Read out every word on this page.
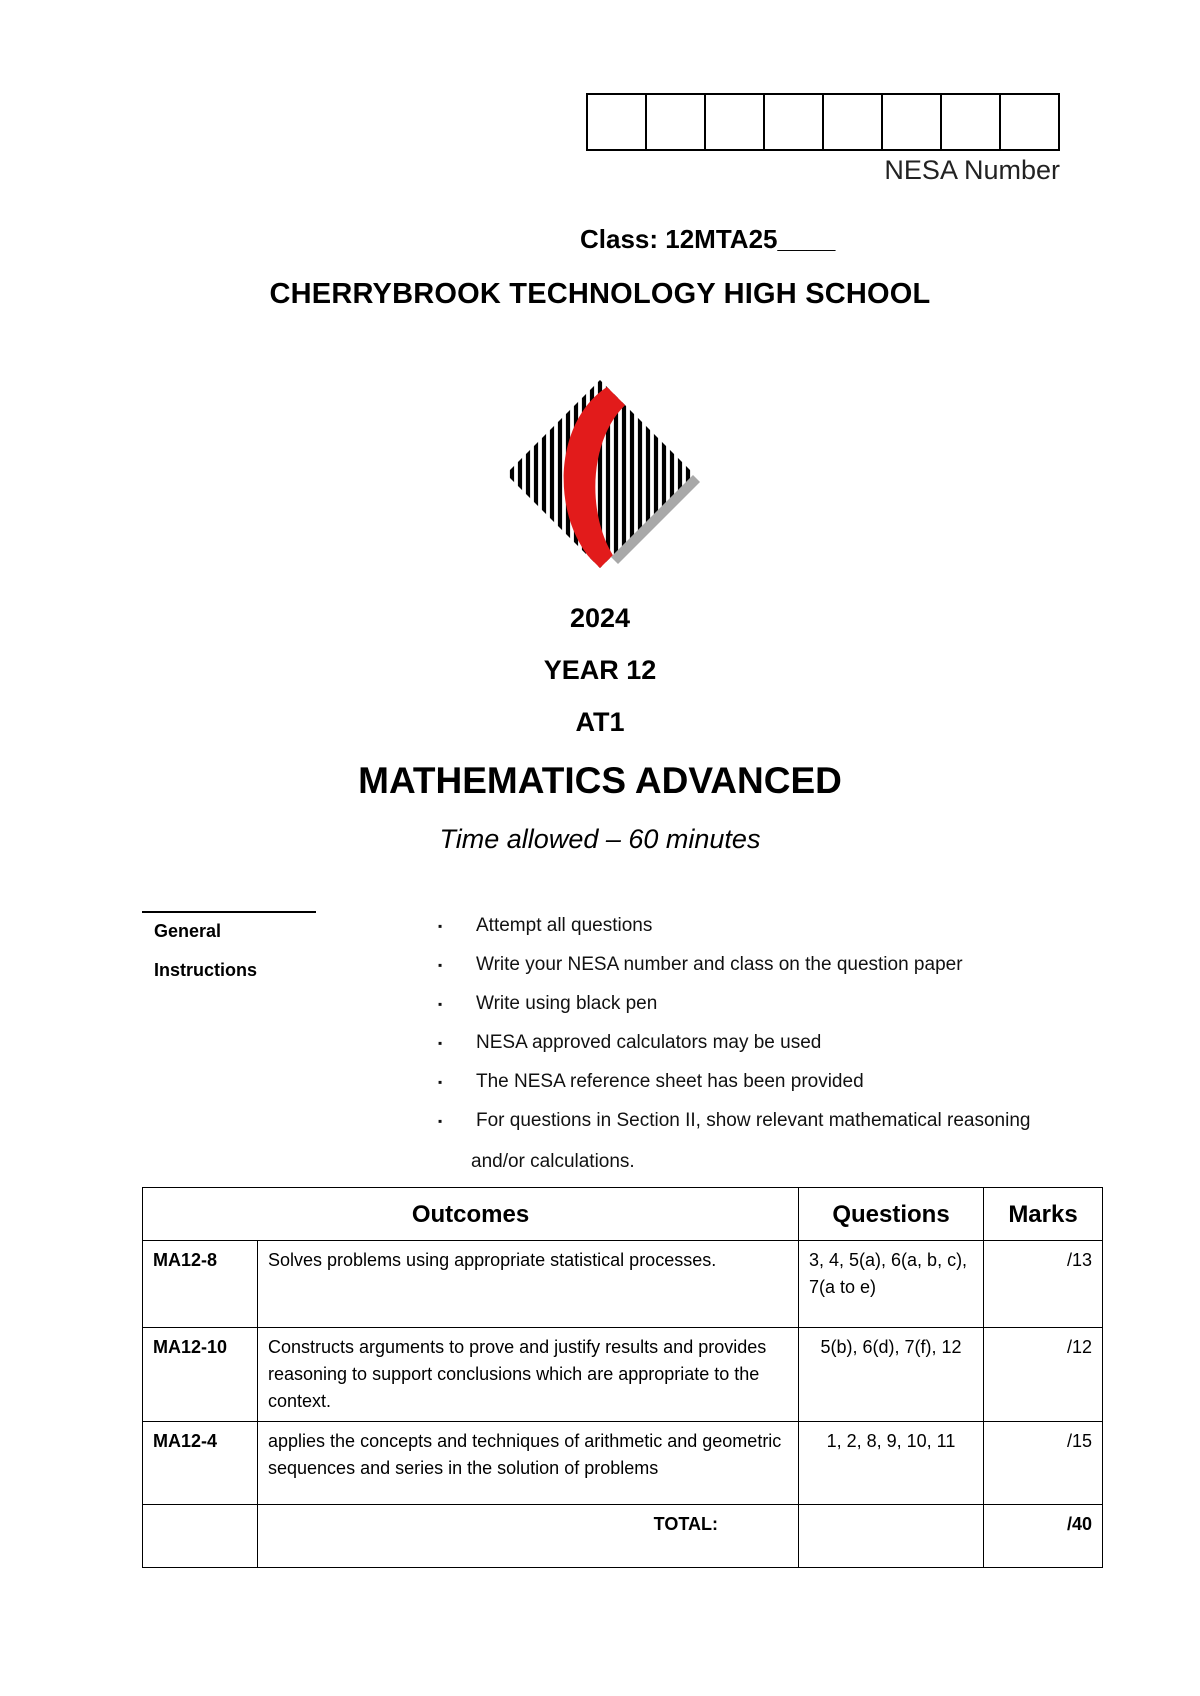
NESA Number
Class: 12MTA25____
CHERRYBROOK TECHNOLOGY HIGH SCHOOL
2024
YEAR 12
AT1
MATHEMATICS ADVANCED
Time allowed – 60 minutes
General
Instructions
▪ Attempt all questions
▪ Write your NESA number and class on the question paper
▪ Write using black pen
▪ NESA approved calculators may be used
▪ The NESA reference sheet has been provided
▪ For questions in Section II, show relevant mathematical reasoning
and/or calculations.
Outcomes		Questions	Marks
MA12-8	Solves problems using appropriate statistical processes.	3, 4, 5(a), 6(a, b, c), 7(a to e)	/13
MA12-10	Constructs arguments to prove and justify results and provides reasoning to support conclusions which are appropriate to the context.	5(b), 6(d), 7(f), 12	/12
MA12-4	applies the concepts and techniques of arithmetic and geometric sequences and series in the solution of problems	1, 2, 8, 9, 10, 11	/15
	TOTAL:		/40
